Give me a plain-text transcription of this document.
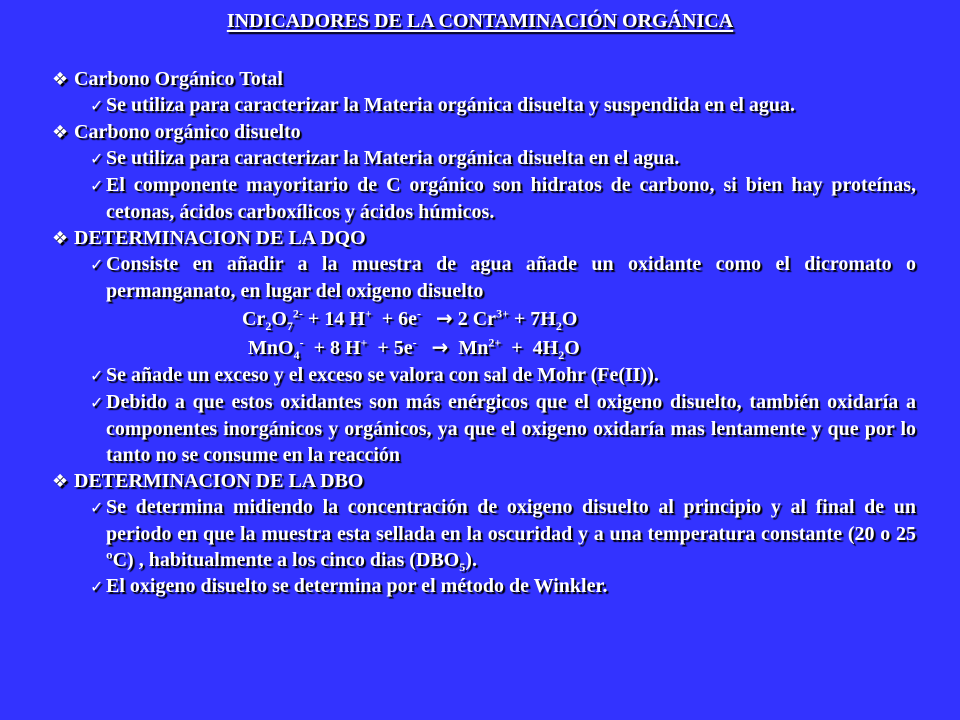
INDICADORES DE LA CONTAMINACIÓN ORGÁNICA
❖ Carbono Orgánico Total
✓ Se utiliza para caracterizar la Materia orgánica disuelta y suspendida en el agua.
❖ Carbono orgánico disuelto
✓ Se utiliza para caracterizar la Materia orgánica disuelta en el agua.
✓ El componente mayoritario de C orgánico son hidratos de carbono, si bien hay proteínas, cetonas, ácidos carboxílicos y ácidos húmicos.
❖ DETERMINACION DE LA DQO
✓ Consiste en añadir a la muestra de agua añade un oxidante como el dicromato o permanganato, en lugar del oxigeno disuelto
$Cr_2O_7^{2-} + 14$ H+  + 6e- → 2 $Cr^{3+} + 7H_2O$
MnO$_4$-  + 8 $H^+ + 5e^- \to Mn^{2+} + 4H_2O$
✓ Se añade un exceso y el exceso se valora con sal de Mohr (Fe(II)).
✓ Debido a que estos oxidantes son más enérgicos que el oxigeno disuelto, también oxidaría a componentes inorgánicos y orgánicos, ya que el oxigeno oxidaría mas lentamente y que por lo tanto no se consume en la reacción
❖ DETERMINACION DE LA DBO
✓ Se determina midiendo la concentración de oxigeno disuelto al principio y al final de un periodo en que la muestra esta sellada en la oscuridad y a una temperatura constante (20 o 25 ºC) , habitualmente a los cinco dias $(DBO_5)$.
✓ El oxigeno disuelto se determina por el método de Winkler.
